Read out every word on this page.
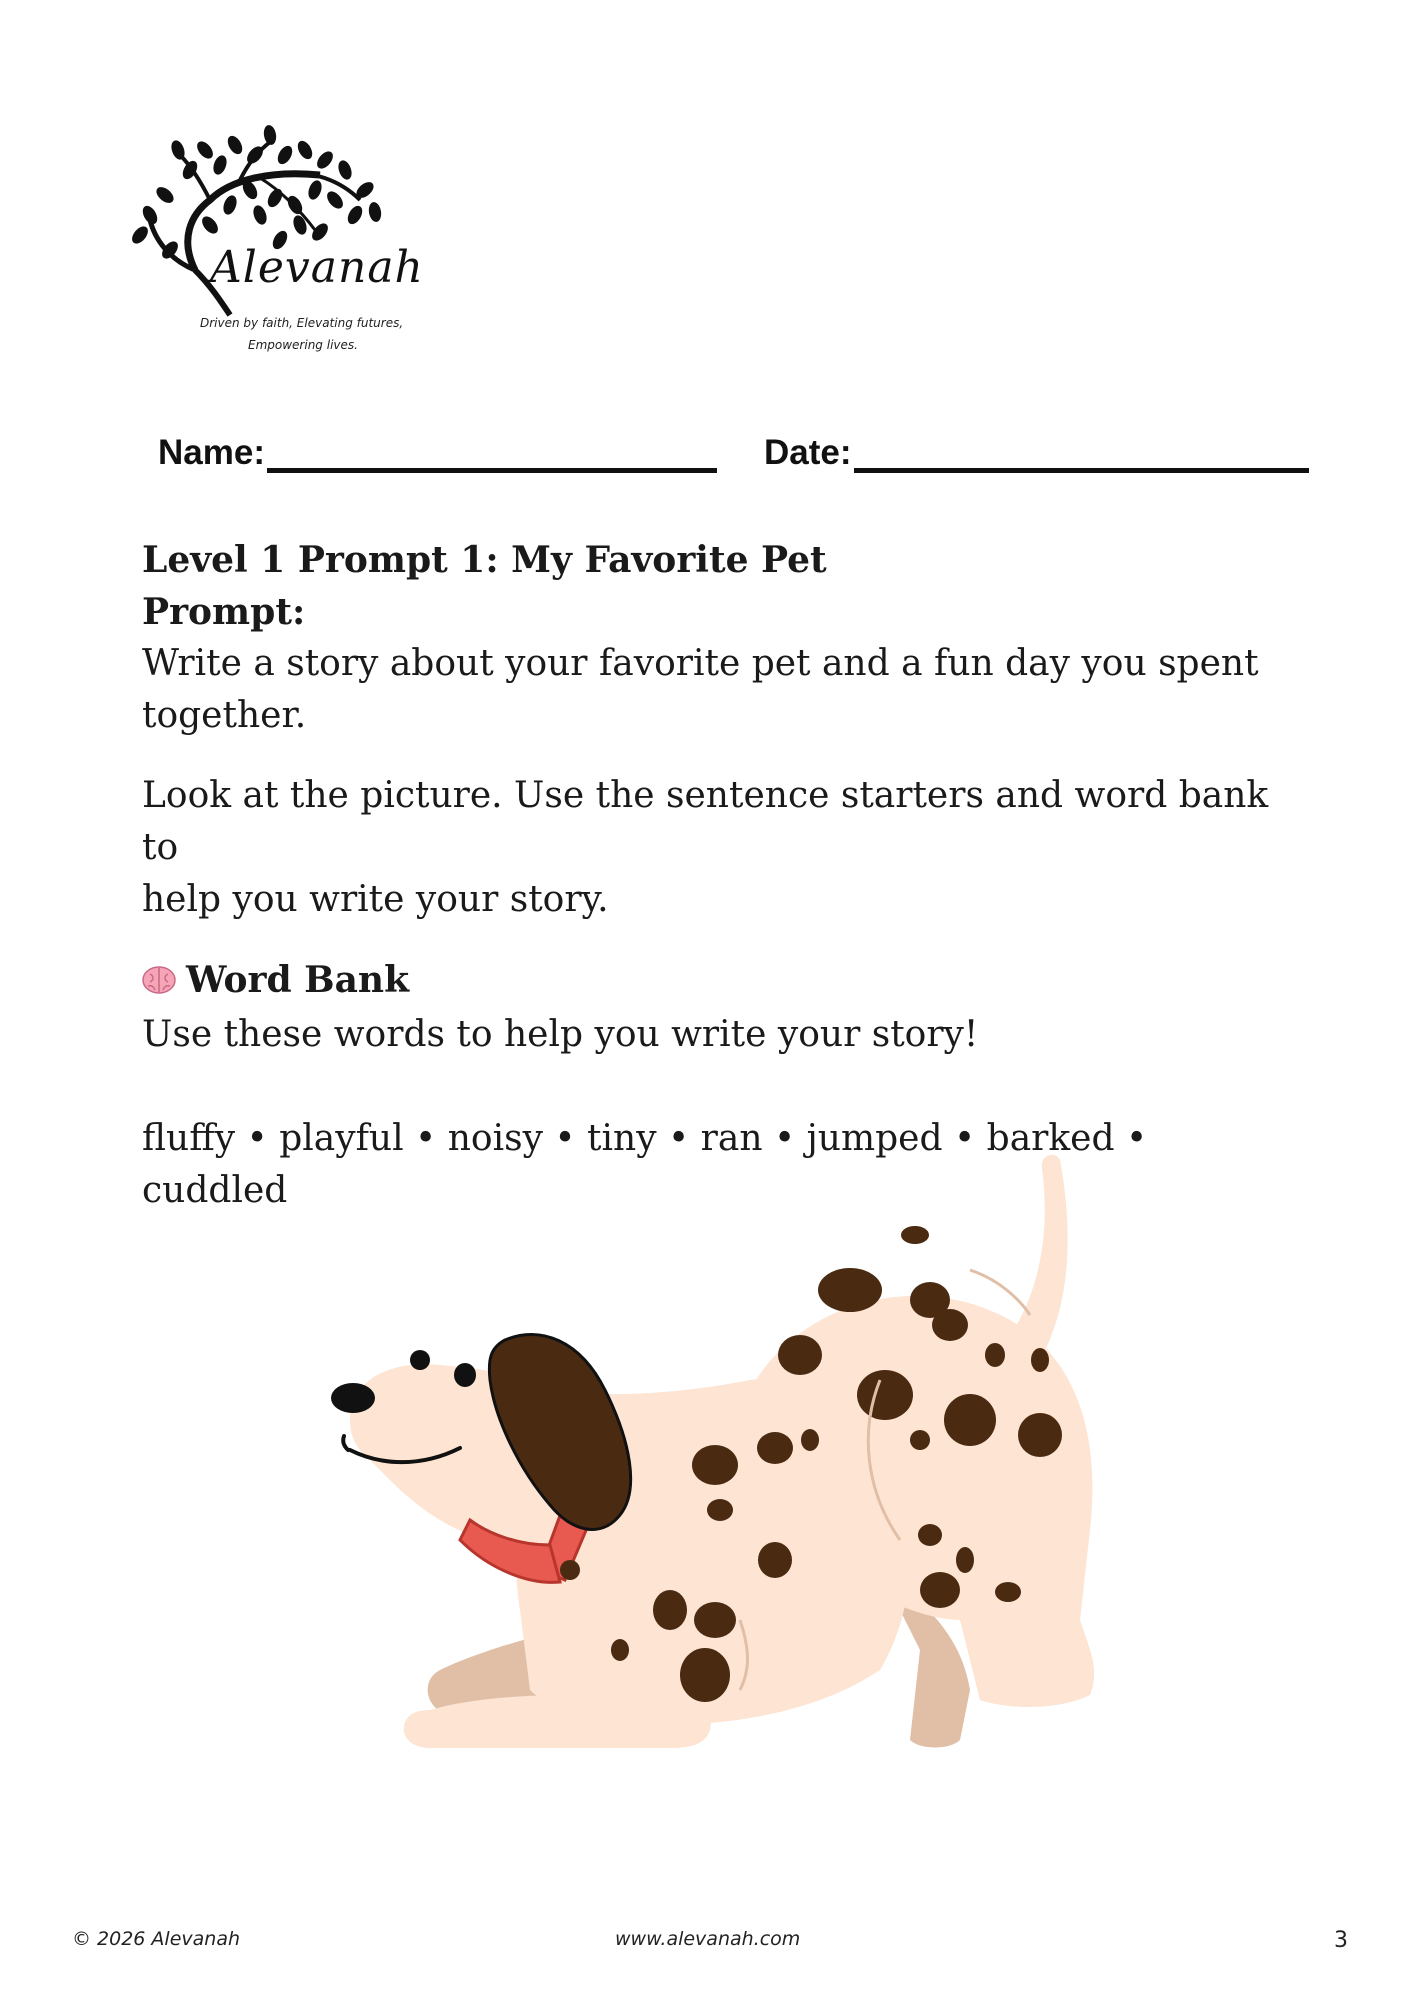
Alevanah
Driven by faith, Elevating futures,
Empowering lives.
Name:	Date:

Level 1 Prompt 1: My Favorite Pet

Prompt:

Write a story about your favorite pet and a fun day you spent

together.

Look at the picture. Use the sentence starters and word bank to

help you write your story.

Word Bank

Use these words to help you write your story!

fluffy • playful • noisy • tiny • ran • jumped • barked • cuddled

© 2026 Alevanah	www.alevanah.com	3
